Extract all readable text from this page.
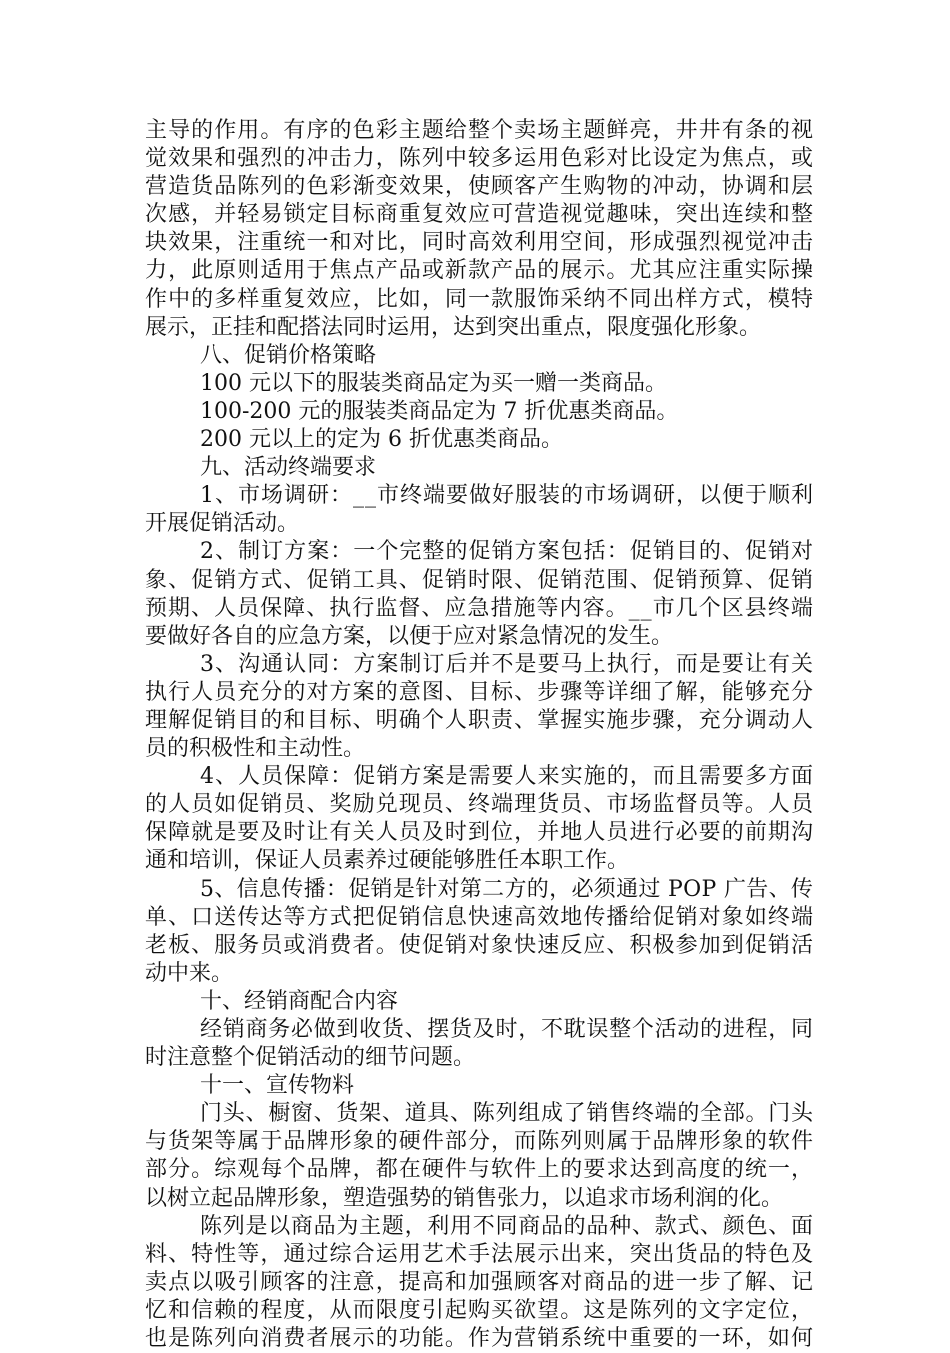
主导的作用。有序的色彩主题给整个卖场主题鲜亮，井井有条的视
觉效果和强烈的冲击力，陈列中较多运用色彩对比设定为焦点，或
营造货品陈列的色彩渐变效果，使顾客产生购物的冲动，协调和层
次感，并轻易锁定目标商重复效应可营造视觉趣味，突出连续和整
块效果，注重统一和对比，同时高效利用空间，形成强烈视觉冲击
力，此原则适用于焦点产品或新款产品的展示。尤其应注重实际操
作中的多样重复效应，比如，同一款服饰采纳不同出样方式，模特
展示，正挂和配搭法同时运用，达到突出重点，限度强化形象。
八、促销价格策略
100 元以下的服装类商品定为买一赠一类商品。
100-200 元的服装类商品定为 7 折优惠类商品。
200 元以上的定为 6 折优惠类商品。
九、活动终端要求
1、市场调研：__市终端要做好服装的市场调研，以便于顺利
开展促销活动。
2、制订方案：一个完整的促销方案包括：促销目的、促销对
象、促销方式、促销工具、促销时限、促销范围、促销预算、促销
预期、人员保障、执行监督、应急措施等内容。__市几个区县终端
要做好各自的应急方案，以便于应对紧急情况的发生。
3、沟通认同：方案制订后并不是要马上执行，而是要让有关
执行人员充分的对方案的意图、目标、步骤等详细了解，能够充分
理解促销目的和目标、明确个人职责、掌握实施步骤，充分调动人
员的积极性和主动性。
4、人员保障：促销方案是需要人来实施的，而且需要多方面
的人员如促销员、奖励兑现员、终端理货员、市场监督员等。人员
保障就是要及时让有关人员及时到位，并地人员进行必要的前期沟
通和培训，保证人员素养过硬能够胜任本职工作。
5、信息传播：促销是针对第二方的，必须通过 POP 广告、传
单、口送传达等方式把促销信息快速高效地传播给促销对象如终端
老板、服务员或消费者。使促销对象快速反应、积极参加到促销活
动中来。
十、经销商配合内容
经销商务必做到收货、摆货及时，不耽误整个活动的进程，同
时注意整个促销活动的细节问题。
十一、宣传物料
门头、橱窗、货架、道具、陈列组成了销售终端的全部。门头
与货架等属于品牌形象的硬件部分，而陈列则属于品牌形象的软件
部分。综观每个品牌，都在硬件与软件上的要求达到高度的统一，
以树立起品牌形象，塑造强势的销售张力，以追求市场利润的化。
陈列是以商品为主题，利用不同商品的品种、款式、颜色、面
料、特性等，通过综合运用艺术手法展示出来，突出货品的特色及
卖点以吸引顾客的注意，提高和加强顾客对商品的进一步了解、记
忆和信赖的程度，从而限度引起购买欲望。这是陈列的文字定位，
也是陈列向消费者展示的功能。作为营销系统中重要的一环，如何
